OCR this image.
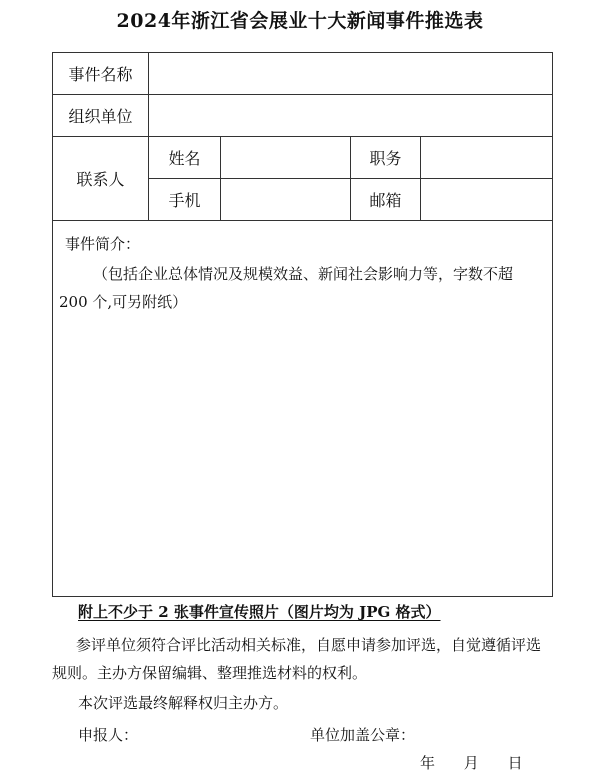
2024年浙江省会展业十大新闻事件推选表
事件名称				

组织单位				

联系人	姓名		职务	

	手机		邮箱	

事件简介：
（包括企业总体情况及规模效益、新闻社会影响力等，字数不超 200 个,可另附纸）				
附上不少于 2 张事件宣传照片（图片均为 JPG 格式）
参评单位须符合评比活动相关标准，自愿申请参加评选，自觉遵循评选规则。主办方保留编辑、整理推选材料的权利。
本次评选最终解释权归主办方。
申报人：	单位加盖公章：
年 月 日
